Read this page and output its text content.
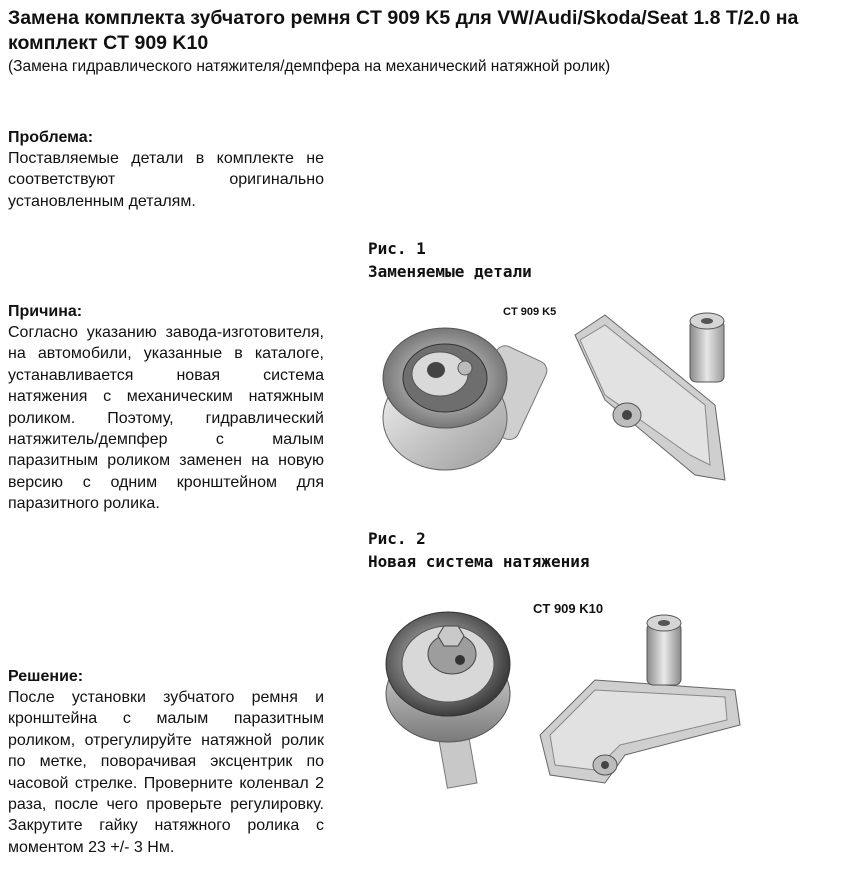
Замена комплекта зубчатого ремня CT 909 K5 для VW/Audi/Skoda/Seat 1.8 T/2.0 на комплект CT 909 K10

(Замена гидравлического натяжителя/демпфера на механический натяжной ролик)

Проблема:

Поставляемые детали в комплекте не соответствуют оригинально установленным деталям.

Причина:

Согласно указанию завода-изготовителя, на автомобили, указанные в каталоге, устанавливается новая система натяжения с механическим натяжным роликом. Поэтому, гидравлический натяжитель/демпфер с малым паразитным роликом заменен на новую версию с одним кронштейном для паразитного ролика.

Решение:

После установки зубчатого ремня и кронштейна с малым паразитным роликом, отрегулируйте натяжной ролик по метке, поворачивая эксцентрик по часовой стрелке. Проверните коленвал 2 раза, после чего проверьте регулировку. Закрутите гайку натяжного ролика с моментом 23 +/- 3 Нм.

Рис. 1
Заменяемые детали
Рис. 2
Новая система натяжения
CT 909 K5
CT 909 K10
